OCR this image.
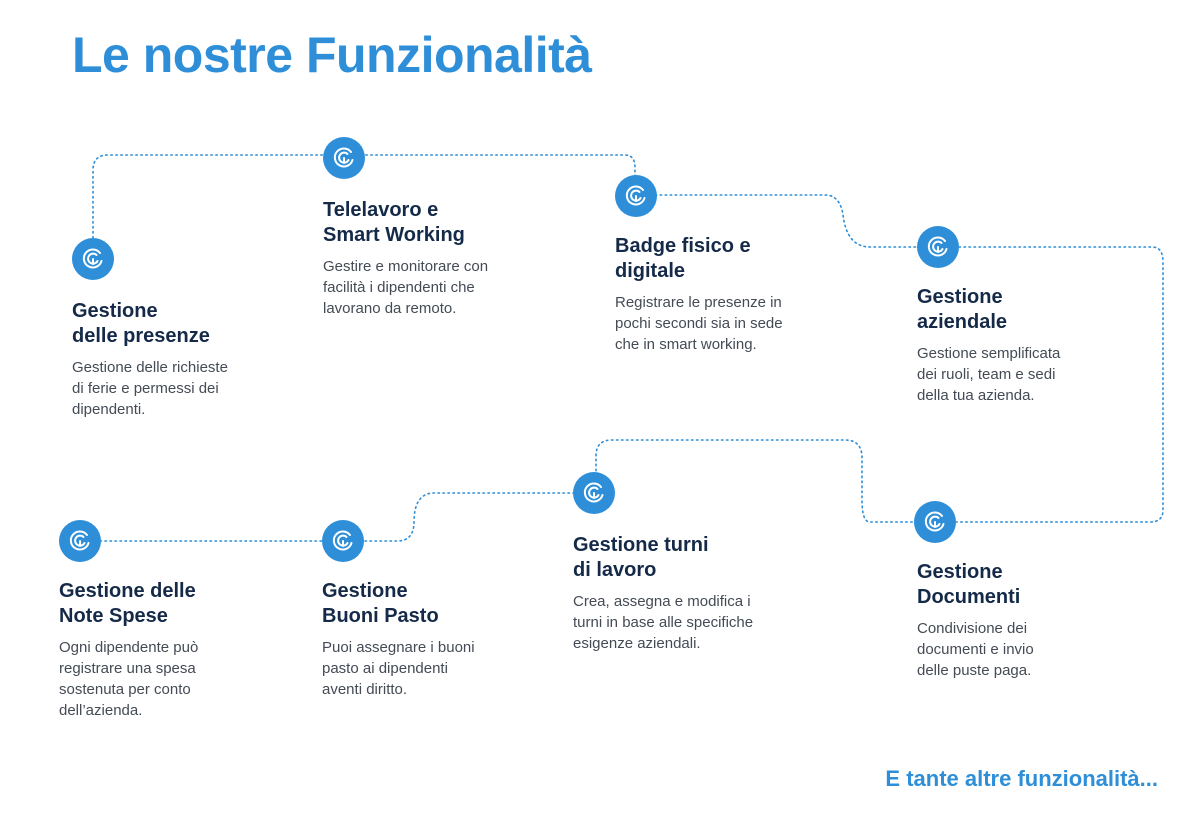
Le nostre Funzionalità
Gestione
delle presenze

Gestione delle richieste
di ferie e permessi dei
dipendenti.

Telelavoro e
Smart Working

Gestire e monitorare con
facilità i dipendenti che
lavorano da remoto.

Badge fisico e
digitale

Registrare le presenze in
pochi secondi sia in sede
che in smart working.

Gestione
aziendale

Gestione semplificata
dei ruoli, team e sedi
della tua azienda.

Gestione delle
Note Spese

Ogni dipendente può
registrare una spesa
sostenuta per conto
dell’azienda.

Gestione
Buoni Pasto

Puoi assegnare i buoni
pasto ai dipendenti
aventi diritto.

Gestione turni
di lavoro

Crea, assegna e modifica i
turni in base alle specifiche
esigenze aziendali.

Gestione
Documenti

Condivisione dei
documenti e invio
delle puste paga.

E tante altre funzionalità...
